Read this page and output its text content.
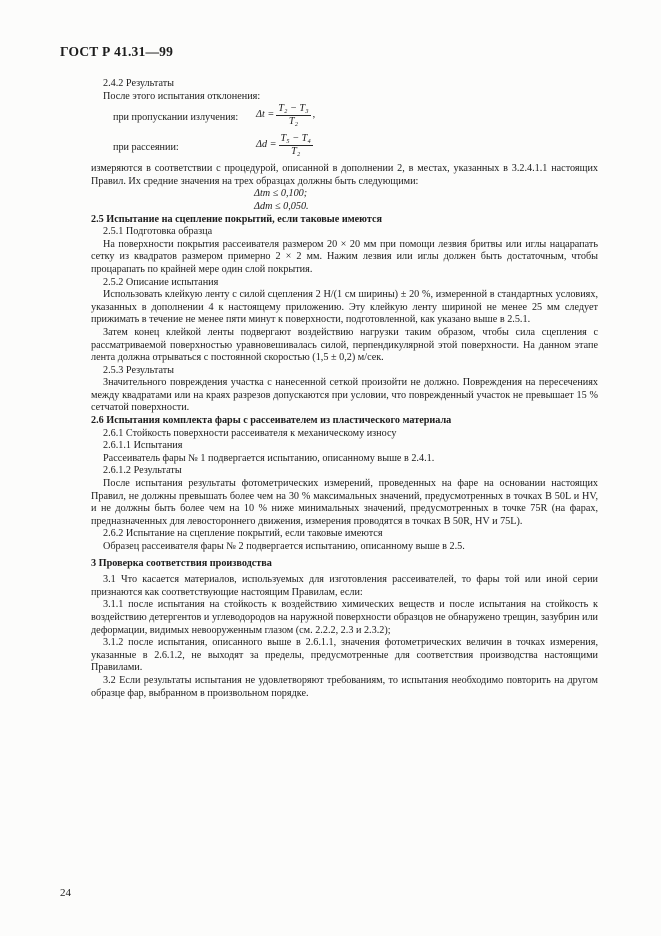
ГОСТ Р 41.31—99

2.4.2 Результаты

После этого испытания отклонения:

при пропускании излучения: $\Delta t = \frac{\text{T₂ − T₃}}{\text{T₂}}$ ,
при рассеянии:	$\Delta d = \frac{\text{T₅ − T₄}}{\text{T₂}}$

измеряются в соответствии с процедурой, описанной в дополнении 2, в местах, указанных в 3.2.4.1.1 настоящих Правил. Их средние значения на трех образцах должны быть следующими:

Δtm ≤ 0,100;

Δdm ≤ 0,050.

2.5 Испытание на сцепление покрытий, если таковые имеются

2.5.1 Подготовка образца

На поверхности покрытия рассеивателя размером 20 × 20 мм при помощи лезвия бритвы или иглы нацарапать сетку из квадратов размером примерно 2 × 2 мм. Нажим лезвия или иглы должен быть достаточным, чтобы процарапать по крайней мере один слой покрытия.

2.5.2 Описание испытания

Использовать клейкую ленту с силой сцепления 2 Н/(1 см ширины) ± 20 %, измеренной в стандартных условиях, указанных в дополнении 4 к настоящему приложению. Эту клейкую ленту шириной не менее 25 мм следует прижимать в течение не менее пяти минут к поверхности, подготовленной, как указано выше в 2.5.1.

Затем конец клейкой ленты подвергают воздействию нагрузки таким образом, чтобы сила сцепления с рассматриваемой поверхностью уравновешивалась силой, перпендикулярной этой поверхности. На данном этапе лента должна отрываться с постоянной скоростью (1,5 ± 0,2) м/сек.

2.5.3 Результаты

Значительного повреждения участка с нанесенной сеткой произойти не должно. Повреждения на пересечениях между квадратами или на краях разрезов допускаются при условии, что поврежденный участок не превышает 15 % сетчатой поверхности.

2.6 Испытания комплекта фары с рассеивателем из пластического материала

2.6.1 Стойкость поверхности рассеивателя к механическому износу

2.6.1.1 Испытания

Рассеиватель фары № 1 подвергается испытанию, описанному выше в 2.4.1.

2.6.1.2 Результаты

После испытания результаты фотометрических измерений, проведенных на фаре на основании настоящих Правил, не должны превышать более чем на 30 % максимальных значений, предусмотренных в точках B 50L и HV, и не должны быть более чем на 10 % ниже минимальных значений, предусмотренных в точке 75R (на фарах, предназначенных для левостороннего движения, измерения проводятся в точках B 50R, HV и 75L).

2.6.2 Испытание на сцепление покрытий, если таковые имеются

Образец рассеивателя фары № 2 подвергается испытанию, описанному выше в 2.5.

3 Проверка соответствия производства

3.1 Что касается материалов, используемых для изготовления рассеивателей, то фары той или иной серии признаются как соответствующие настоящим Правилам, если:

3.1.1 после испытания на стойкость к воздействию химических веществ и после испытания на стойкость к воздействию детергентов и углеводородов на наружной поверхности образцов не обнаружено трещин, зазубрин или деформации, видимых невооруженным глазом (см. 2.2.2, 2.3 и 2.3.2);

3.1.2 после испытания, описанного выше в 2.6.1.1, значения фотометрических величин в точках измерения, указанные в 2.6.1.2, не выходят за пределы, предусмотренные для соответствия производства настоящими Правилами.

3.2 Если результаты испытания не удовлетворяют требованиям, то испытания необходимо повторить на другом образце фар, выбранном в произвольном порядке.

24
